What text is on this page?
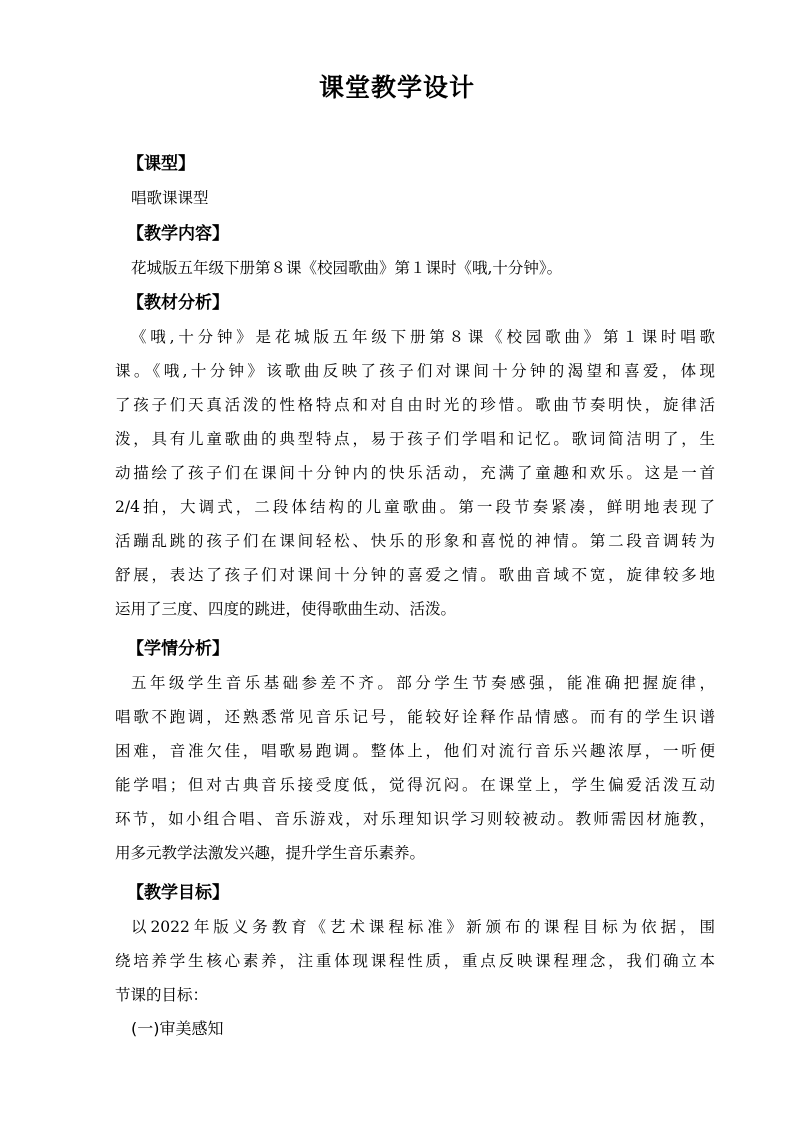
课堂教学设计
【课型】
唱歌课课型
【教学内容】
花城版五年级下册第８课《校园歌曲》第１课时《哦,十分钟》。
【教材分析】
《哦,十分钟》是花城版五年级下册第８课《校园歌曲》第１课时唱歌
课。《哦,十分钟》该歌曲反映了孩子们对课间十分钟的渴望和喜爱，体现
了孩子们天真活泼的性格特点和对自由时光的珍惜。歌曲节奏明快，旋律活
泼，具有儿童歌曲的典型特点，易于孩子们学唱和记忆。歌词简洁明了，生
动描绘了孩子们在课间十分钟内的快乐活动，充满了童趣和欢乐。这是一首
2/4拍，大调式，二段体结构的儿童歌曲。第一段节奏紧凑，鲜明地表现了
活蹦乱跳的孩子们在课间轻松、快乐的形象和喜悦的神情。第二段音调转为
舒展，表达了孩子们对课间十分钟的喜爱之情。歌曲音域不宽，旋律较多地
运用了三度、四度的跳进，使得歌曲生动、活泼。
【学情分析】
五年级学生音乐基础参差不齐。部分学生节奏感强，能准确把握旋律，
唱歌不跑调，还熟悉常见音乐记号，能较好诠释作品情感。而有的学生识谱
困难，音准欠佳，唱歌易跑调。整体上，他们对流行音乐兴趣浓厚，一听便
能学唱；但对古典音乐接受度低，觉得沉闷。在课堂上，学生偏爱活泼互动
环节，如小组合唱、音乐游戏，对乐理知识学习则较被动。教师需因材施教，
用多元教学法激发兴趣，提升学生音乐素养。
【教学目标】
以2022年版义务教育《艺术课程标准》新颁布的课程目标为依据，围
绕培养学生核心素养，注重体现课程性质，重点反映课程理念，我们确立本
节课的目标：
(一)审美感知
